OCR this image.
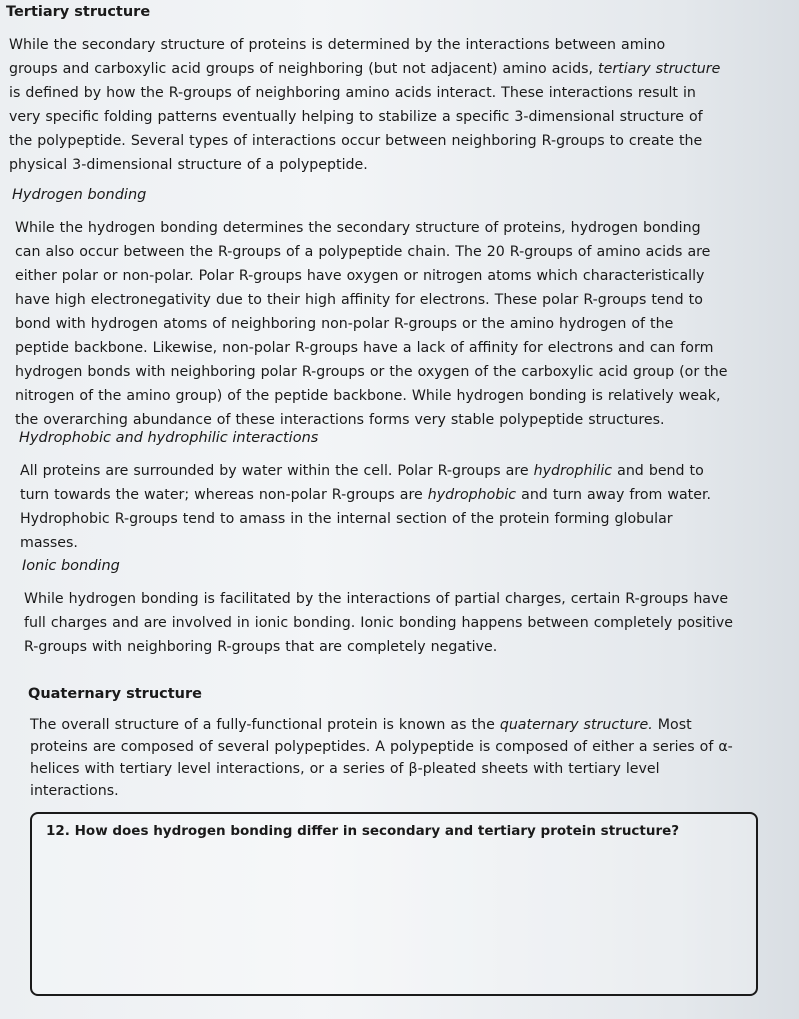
Tertiary structure

While the secondary structure of proteins is determined by the interactions between amino

groups and carboxylic acid groups of neighboring (but not adjacent) amino acids, tertiary structure

is defined by how the R-groups of neighboring amino acids interact. These interactions result in

very specific folding patterns eventually helping to stabilize a specific 3-dimensional structure of

the polypeptide. Several types of interactions occur between neighboring R-groups to create the

physical 3-dimensional structure of a polypeptide.

Hydrogen bonding

While the hydrogen bonding determines the secondary structure of proteins, hydrogen bonding

can also occur between the R-groups of a polypeptide chain. The 20 R-groups of amino acids are

either polar or non-polar. Polar R-groups have oxygen or nitrogen atoms which characteristically

have high electronegativity due to their high affinity for electrons. These polar R-groups tend to

bond with hydrogen atoms of neighboring non-polar R-groups or the amino hydrogen of the

peptide backbone. Likewise, non-polar R-groups have a lack of affinity for electrons and can form

hydrogen bonds with neighboring polar R-groups or the oxygen of the carboxylic acid group (or the

nitrogen of the amino group) of the peptide backbone. While hydrogen bonding is relatively weak,

the overarching abundance of these interactions forms very stable polypeptide structures.

Hydrophobic and hydrophilic interactions

All proteins are surrounded by water within the cell. Polar R-groups are hydrophilic and bend to

turn towards the water; whereas non-polar R-groups are hydrophobic and turn away from water.

Hydrophobic R-groups tend to amass in the internal section of the protein forming globular

masses.

Ionic bonding

While hydrogen bonding is facilitated by the interactions of partial charges, certain R-groups have

full charges and are involved in ionic bonding. Ionic bonding happens between completely positive

R-groups with neighboring R-groups that are completely negative.

Quaternary structure

The overall structure of a fully-functional protein is known as the quaternary structure. Most

proteins are composed of several polypeptides. A polypeptide is composed of either a series of α-

helices with tertiary level interactions, or a series of β-pleated sheets with tertiary level

interactions.

12. How does hydrogen bonding differ in secondary and tertiary protein structure?
